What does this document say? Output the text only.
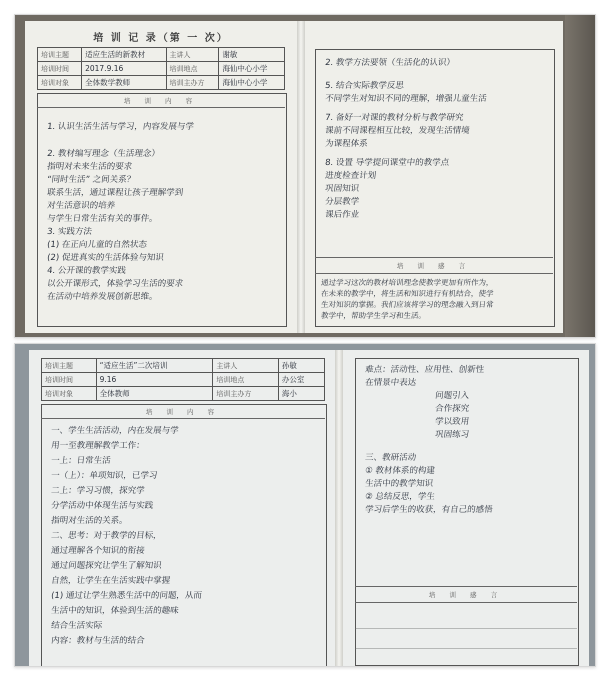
培 训 记 录（第 一 次）
培训主题	适应生活的新教材	主讲人	谢敏
培训时间	2017.9.16	培训地点	海仙中心小学
培训对象	全体数学教师	培训主办方	海仙中心小学
培 训 内 容
1. 认识生活生活与学习，内容发展与学
2. 教材编写理念（生活理念）
指明对未来生活的要求
“同时生活” 之间关系？
联系生活，通过课程让孩子理解学到
对生活意识的培养
与学生日常生活有关的事件。
3. 实践方法
(1) 在正向儿童的自然状态
(2) 促进真实的生活体验与知识
4. 公开课的教学实践
以公开课形式，体验学习生活的要求
在活动中培养发展创新思维。
2. 教学方法要领（生活化的认识）
5. 结合实际教学反思
不同学生对知识不同的理解，增强儿童生活
7. 备好一对课的教材分析与教学研究
课前不同课程相互比较，发现生活情境
为课程体系
8. 设置 导学提问课堂中的教学点
进度检查计划
巩固知识
分层教学
课后作业
培 训 感 言
通过学习这次的教材培训理念使教学更加有所作为，
在未来的教学中，将生活和知识进行有机结合，使学
生对知识的掌握。我们应该将学习的理念融入到日常
教学中，帮助学生学习和生活。
培训主题	“适应生活”二次培训	主讲人	孙敏
培训时间	9.16	培训地点	办公室
培训对象	全体教师	培训主办方	海小
培 训 内 容
一、学生生活活动，内在发展与学
用一至教理解教学工作：
一上：日常生活
一（上）：单项知识，已学习
二上：学习习惯，探究学
分学活动中体现生活与实践
指明对生活的关系。
二、思考：对于教学的目标，
通过理解各个知识的衔接
通过问题探究让学生了解知识
自然，让学生在生活实践中掌握
(1) 通过让学生熟悉生活中的问题，从而
生活中的知识，体验到生活的趣味
结合生活实际
内容：教材与生活的结合
难点：活动性、应用性、创新性
在情景中表达
问题引入
合作探究
学以致用
巩固练习
三、教研活动
① 教材体系的构建
生活中的教学知识
② 总结反思，学生
学习后学生的收获，有自己的感悟
培 训 感 言
